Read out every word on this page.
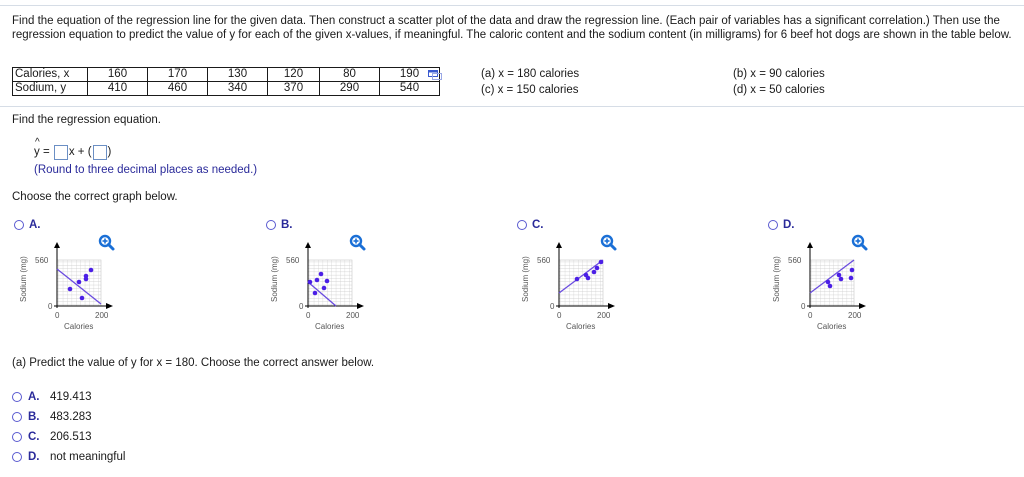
Find the equation of the regression line for the given data. Then construct a scatter plot of the data and draw the regression line. (Each pair of variables has a significant correlation.) Then use the regression equation to predict the value of y for each of the given x-values, if meaningful. The caloric content and the sodium content (in milligrams) for 6 beef hot dogs are shown in the table below.
Calories, x	160	170	130	120	80	190
Sodium, y	410	460	340	370	290	540
(a) x = 180 calories
(c) x = 150 calories
(b) x = 90 calories
(d) x = 50 calories
Find the regression equation.
^
y = x + ( )
(Round to three decimal places as needed.)
Choose the correct graph below.
A.	B.	C.	D.
560
0
0	200
Calories
Sodium (mg)	560
0
0	200
Calories
Sodium (mg)	560
0
0	200
Calories
Sodium (mg)	560
0
0	200
Calories
Sodium (mg)
(a) Predict the value of y for x = 180. Choose the correct answer below.
A. 419.413
B. 483.283
C. 206.513
D. not meaningful
